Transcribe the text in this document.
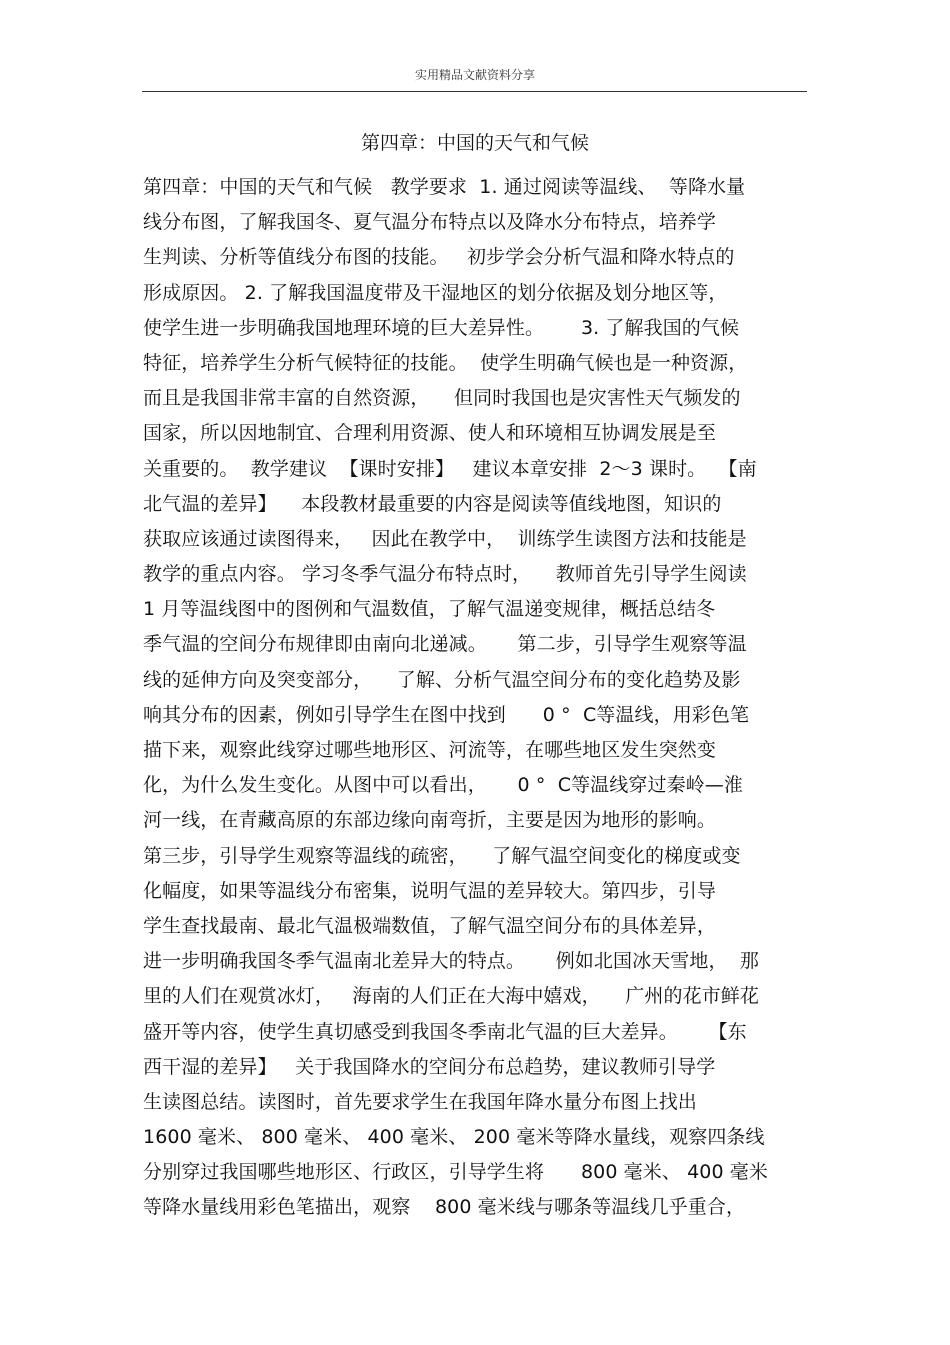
实用精品文献资料分享
第四章：中国的天气和气候
第四章：中国的天气和气候   教学要求  1. 通过阅读等温线、  等降水量
线分布图，了解我国冬、夏气温分布特点以及降水分布特点，培养学
生判读、分析等值线分布图的技能。   初步学会分析气温和降水特点的
形成原因。 2. 了解我国温度带及干湿地区的划分依据及划分地区等，
使学生进一步明确我国地理环境的巨大差异性。      3. 了解我国的气候
特征，培养学生分析气候特征的技能。  使学生明确气候也是一种资源，
而且是我国非常丰富的自然资源，    但同时我国也是灾害性天气频发的
国家，所以因地制宜、合理利用资源、使人和环境相互协调发展是至
关重要的。  教学建议  【课时安排】   建议本章安排  2～3 课时。  【南
北气温的差异】    本段教材最重要的内容是阅读等值线地图，知识的
获取应该通过读图得来，   因此在教学中，  训练学生读图方法和技能是
教学的重点内容。 学习冬季气温分布特点时，    教师首先引导学生阅读
1 月等温线图中的图例和气温数值，了解气温递变规律，概括总结冬
季气温的空间分布规律即由南向北递减。     第二步，引导学生观察等温
线的延伸方向及突变部分，    了解、分析气温空间分布的变化趋势及影
响其分布的因素，例如引导学生在图中找到      0 °  C等温线，用彩色笔
描下来，观察此线穿过哪些地形区、河流等，在哪些地区发生突然变
化，为什么发生变化。从图中可以看出，     0 °  C等温线穿过秦岭—淮
河一线，在青藏高原的东部边缘向南弯折，主要是因为地形的影响。
第三步，引导学生观察等温线的疏密，    了解气温空间变化的梯度或变
化幅度，如果等温线分布密集，说明气温的差异较大。第四步，引导
学生查找最南、最北气温极端数值，了解气温空间分布的具体差异，
进一步明确我国冬季气温南北差异大的特点。     例如北国冰天雪地，  那
里的人们在观赏冰灯，   海南的人们正在大海中嬉戏，    广州的花市鲜花
盛开等内容，使学生真切感受到我国冬季南北气温的巨大差异。     【东
西干湿的差异】   关于我国降水的空间分布总趋势，建议教师引导学
生读图总结。读图时，首先要求学生在我国年降水量分布图上找出
1600 毫米、 800 毫米、 400 毫米、 200 毫米等降水量线，观察四条线
分别穿过我国哪些地形区、行政区，引导学生将      800 毫米、 400 毫米
等降水量线用彩色笔描出，观察    800 毫米线与哪条等温线几乎重合，
